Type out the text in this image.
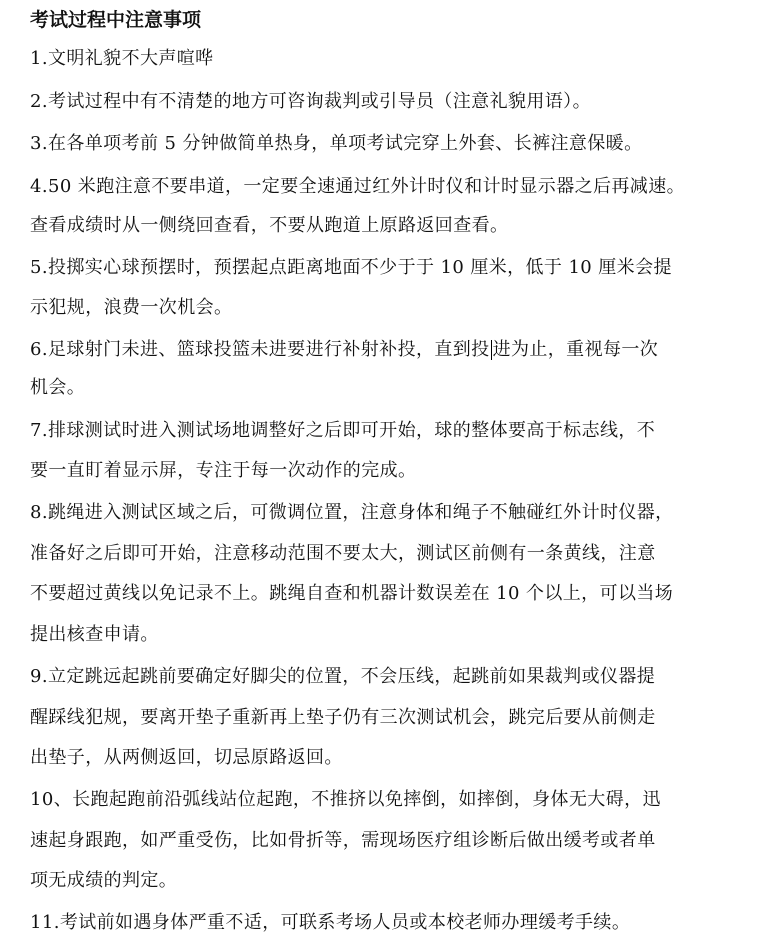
考试过程中注意事项
1.文明礼貌不大声喧哗
2.考试过程中有不清楚的地方可咨询裁判或引导员（注意礼貌用语）。
3.在各单项考前 5 分钟做简单热身，单项考试完穿上外套、长裤注意保暖。
4.50 米跑注意不要串道，一定要全速通过红外计时仪和计时显示器之后再减速。
查看成绩时从一侧绕回查看，不要从跑道上原路返回查看。
5.投掷实心球预摆时，预摆起点距离地面不少于于 10 厘米，低于 10 厘米会提
示犯规，浪费一次机会。
6.足球射门未进、篮球投篮未进要进行补射补投，直到投 进为止，重视每一次
机会。
7.排球测试时进入测试场地调整好之后即可开始，球的整体要高于标志线，不
要一直盯着显示屏，专注于每一次动作的完成。
8.跳绳进入测试区域之后，可微调位置，注意身体和绳子不触碰红外计时仪器，
准备好之后即可开始，注意移动范围不要太大，测试区前侧有一条黄线，注意
不要超过黄线以免记录不上。跳绳自查和机器计数误差在 10 个以上，可以当场
提出核查申请。
9.立定跳远起跳前要确定好脚尖的位置，不会压线，起跳前如果裁判或仪器提
醒踩线犯规，要离开垫子重新再上垫子仍有三次测试机会，跳完后要从前侧走
出垫子，从两侧返回，切忌原路返回。
10、长跑起跑前沿弧线站位起跑，不推挤以免摔倒，如摔倒，身体无大碍，迅
速起身跟跑，如严重受伤，比如骨折等，需现场医疗组诊断后做出缓考或者单
项无成绩的判定。
11.考试前如遇身体严重不适，可联系考场人员或本校老师办理缓考手续。
